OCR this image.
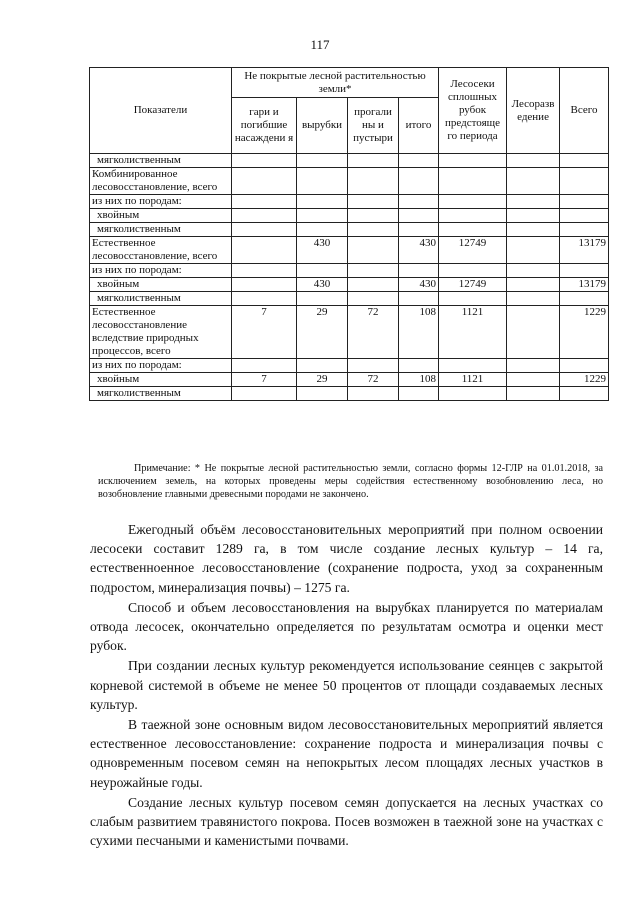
117
Показатели	Не покрытые лесной растительностью земли*				Лесосеки сплошных рубок предстояще го периода	Лесоразв едение	Всего
	гари и погибшие насаждени я	вырубки	прогали ны и пустыри	итого			
мягколиственным							
Комбинированное лесовосстановление, всего							
из них по породам:							
хвойным							
мягколиственным							
Естественное лесовосстановление, всего		430		430	12749		13179
из них по породам:							
хвойным		430		430	12749		13179
мягколиственным							
Естественное лесовосстановление вследствие природных процессов, всего	7	29	72	108	1121		1229
из них по породам:							
хвойным	7	29	72	108	1121		1229
мягколиственным							
Примечание: * Не покрытые лесной растительностью земли, согласно формы 12-ГЛР на 01.01.2018, за исключением земель, на которых проведены меры содействия естественному возобновлению леса, но возобновление главными древесными породами не закончено.

Ежегодный объём лесовосстановительных мероприятий при полном освоении лесосеки составит 1289 га, в том числе создание лесных культур – 14 га, естественноенное лесовосстановление (сохранение подроста, уход за сохраненным подростом, минерализация почвы) – 1275 га.

Способ и объем лесовосстановления на вырубках планируется по материалам отвода лесосек, окончательно определяется по результатам осмотра и оценки мест рубок.

При создании лесных культур рекомендуется использование сеянцев с закрытой корневой системой в объеме не менее 50 процентов от площади создаваемых лесных культур.

В таежной зоне основным видом лесовосстановительных мероприятий является естественное лесовосстановление: сохранение подроста и минерализация почвы с одновременным посевом семян на непокрытых лесом площадях лесных участков в неурожайные годы.

Создание лесных культур посевом семян допускается на лесных участках со слабым развитием травянистого покрова. Посев возможен в таежной зоне на участках с сухими песчаными и каменистыми почвами.
